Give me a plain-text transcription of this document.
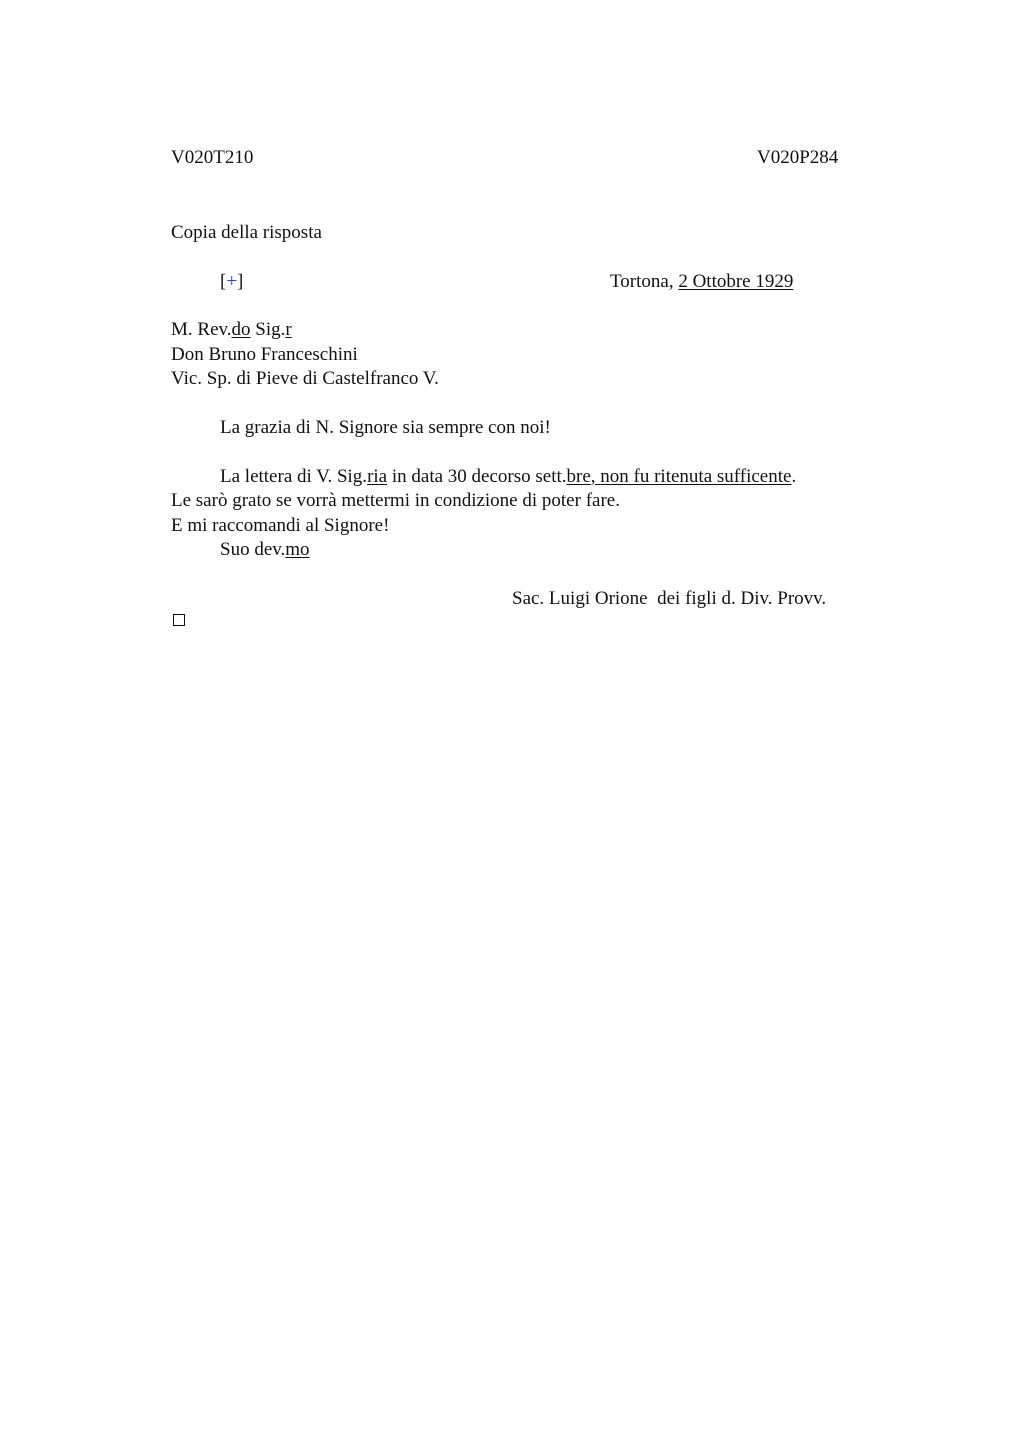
V020T210	V020P284
Copia della risposta
[+]	Tortona, 2 Ottobre 1929
M. Rev.do Sig.r
Don Bruno Franceschini
Vic. Sp. di Pieve di Castelfranco V.
La grazia di N. Signore sia sempre con noi!
La lettera di V. Sig.ria in data 30 decorso sett.bre, non fu ritenuta sufficente.
Le sarò grato se vorrà mettermi in condizione di poter fare.
E mi raccomandi al Signore!
Suo dev.mo
Sac. Luigi Orione  dei figli d. Div. Provv.
